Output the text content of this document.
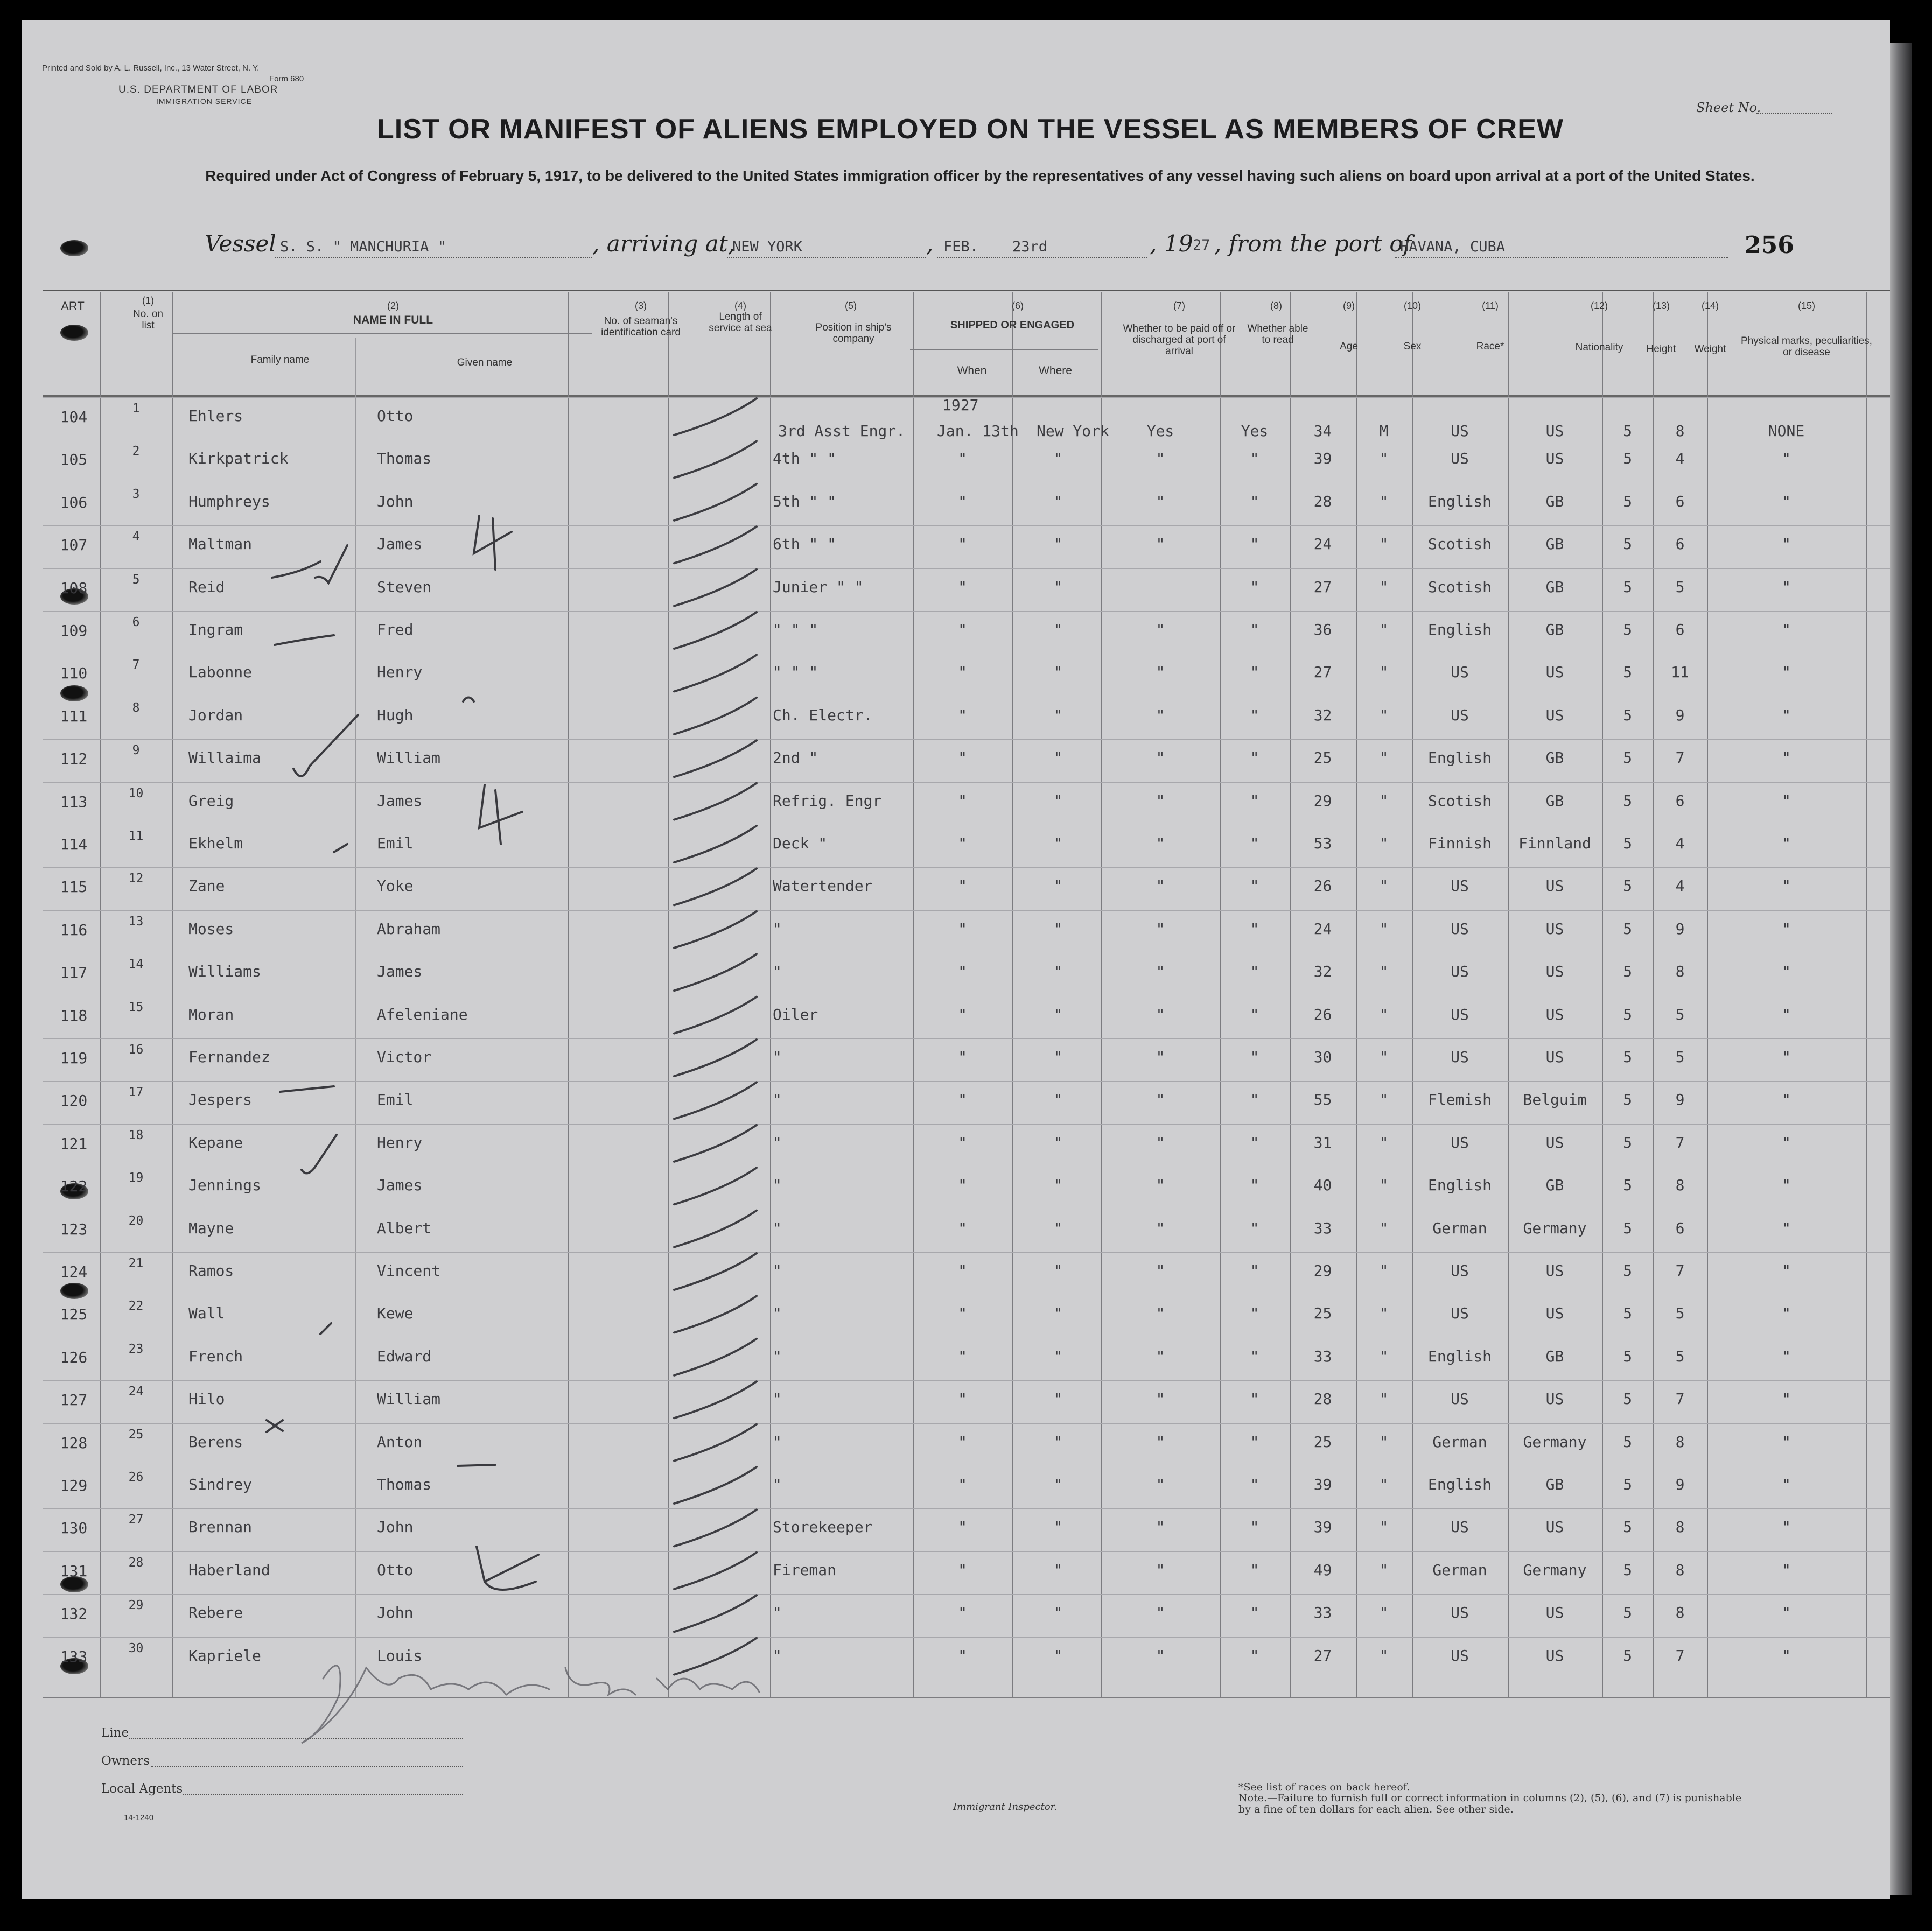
Printed and Sold by A. L. Russell, Inc., 13 Water Street, N. Y.
Form 680
U.S. DEPARTMENT OF LABOR
IMMIGRATION SERVICE	Sheet No.
LIST OR MANIFEST OF ALIENS EMPLOYED ON THE VESSEL AS MEMBERS OF CREW
Required under Act of Congress of February 5, 1917, to be delivered to the United States immigration officer by the representatives of any vessel having such aliens on board upon arrival at a port of the United States.
Vessel S. S. " MANCHURIA "	, arriving at,
NEW YORK	, FEB. 23rd	, 19 27 , from the port of
HAVANA, CUBA	256
ART	(1)
No. on list
(2)
NAME IN FULL
Family name	Given name
(3)
No. of seaman's identification card
(4)
Length of service at sea
(5)
Position in ship's company
(6)
SHIPPED OR ENGAGED
When	Where
(7)
Whether to be paid off or discharged at port of arrival
(8)
Whether able to read
(9)
Age
(10)
Sex
(11)
Race*
(12)
Nationality
(13)
Height
(14)
Weight
(15)
Physical marks, peculiarities, or disease
1927
104	1	Ehlers	Otto
3rd Asst Engr.	Jan. 13th	New York	Yes	Yes	34	M	US	US	5	8	NONE
105	2	Kirkpatrick	Thomas	4th " "	"	"	"	"	39	"	US	US	5	4	"
106	3	Humphreys	John	5th " "	"	"	"	"	28	"	English	GB	5	6	"
107	4	Maltman	James	6th " "	"	"	"	"	24	"	Scotish	GB	5	6	"
108	5	Reid	Steven	Junier " "	"	"	"	27	"	Scotish	GB	5	5	"
109	6	Ingram	Fred	" " "	"	"	"	"	36	"	English	GB	5	6	"
110	7	Labonne	Henry	" " "	"	"	"	"	27	"	US	US	5	11	"
111	8	Jordan	Hugh	Ch. Electr.	"	"	"	"	32	"	US	US	5	9	"
112	9	Willaima	William	2nd "	"	"	"	"	25	"	English	GB	5	7	"
113	10	Greig	James	Refrig. Engr	"	"	"	"	29	"	Scotish	GB	5	6	"
114	11	Ekhelm	Emil	Deck "	"	"	"	"	53	"	Finnish	Finnland	5	4	"
115	12	Zane	Yoke	Watertender	"	"	"	"	26	"	US	US	5	4	"
116	13	Moses	Abraham	"	"	"	"	"	24	"	US	US	5	9	"
117	14	Williams	James	"	"	"	"	"	32	"	US	US	5	8	"
118	15	Moran	Afeleniane	Oiler	"	"	"	"	26	"	US	US	5	5	"
119	16	Fernandez	Victor	"	"	"	"	"	30	"	US	US	5	5	"
120	17	Jespers	Emil	"	"	"	"	"	55	"	Flemish	Belguim	5	9	"
121	18	Kepane	Henry	"	"	"	"	"	31	"	US	US	5	7	"
122	19	Jennings	James	"	"	"	"	"	40	"	English	GB	5	8	"
123	20	Mayne	Albert	"	"	"	"	"	33	"	German	Germany	5	6	"
124	21	Ramos	Vincent	"	"	"	"	"	29	"	US	US	5	7	"
125	22	Wall	Kewe	"	"	"	"	"	25	"	US	US	5	5	"
126	23	French	Edward	"	"	"	"	"	33	"	English	GB	5	5	"
127	24	Hilo	William	"	"	"	"	"	28	"	US	US	5	7	"
128	25	Berens	Anton	"	"	"	"	"	25	"	German	Germany	5	8	"
129	26	Sindrey	Thomas	"	"	"	"	"	39	"	English	GB	5	9	"
130	27	Brennan	John	Storekeeper	"	"	"	"	39	"	US	US	5	8	"
131	28	Haberland	Otto	Fireman	"	"	"	"	49	"	German	Germany	5	8	"
132	29	Rebere	John	"	"	"	"	"	33	"	US	US	5	8	"
133	30	Kapriele	Louis	"	"	"	"	"	27	"	US	US	5	7	"
Line
Owners
Local Agents
14-1240
Immigrant Inspector.
*See list of races on back hereof.
Note.—Failure to furnish full or correct information in columns (2), (5), (6), and (7) is punishable by a fine of ten dollars for each alien. See other side.
